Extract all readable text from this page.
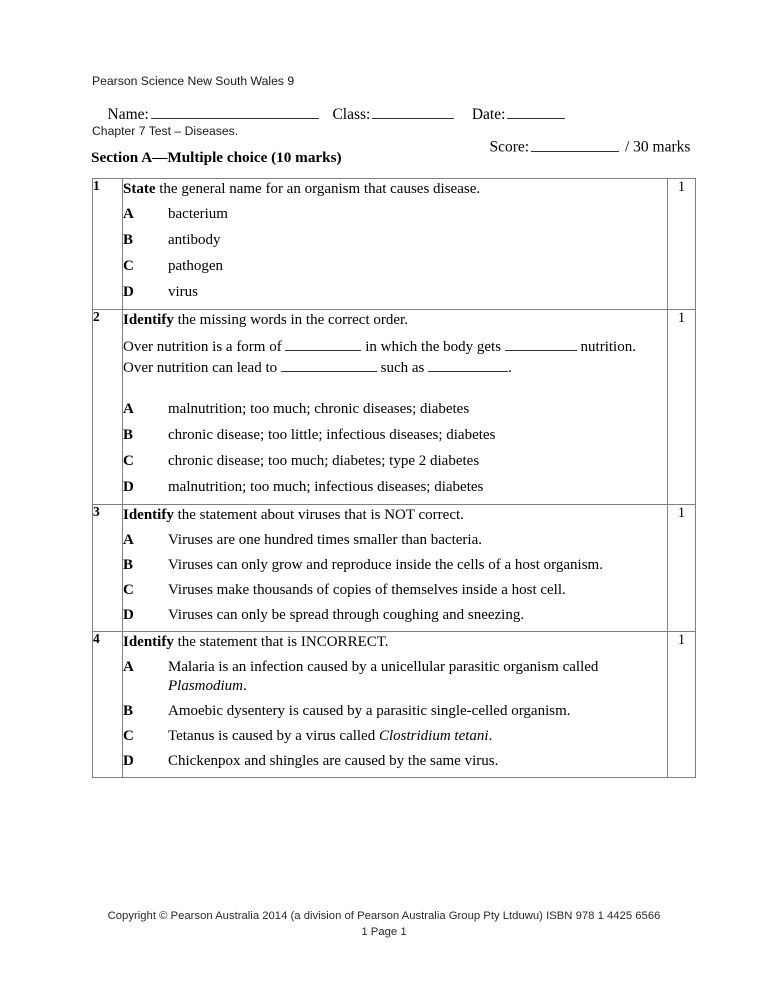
Pearson Science New South Wales 9

Chapter 7 Test – Diseases.

Name:	Class:	Date:

Score:	/ 30 marks

Section A—Multiple choice (10 marks)
1	State the general name for an organism that causes disease.

A bacterium
B antibody
C pathogen
D virus
	1
2	Identify the missing words in the correct order.

Over nutrition is a form of	in which the body gets	nutrition.

Over nutrition can lead to	such as	.

A malnutrition; too much; chronic diseases; diabetes
B chronic disease; too little; infectious diseases; diabetes
C chronic disease; too much; diabetes; type 2 diabetes
D malnutrition; too much; infectious diseases; diabetes
	1
3	Identify the statement about viruses that is NOT correct.

A Viruses are one hundred times smaller than bacteria.
B Viruses can only grow and reproduce inside the cells of a host organism.
C Viruses make thousands of copies of themselves inside a host cell.
D Viruses can only be spread through coughing and sneezing.
	1
4	Identify the statement that is INCORRECT.

A Malaria is an infection caused by a unicellular parasitic organism called Plasmodium.
B Amoebic dysentery is caused by a parasitic single-celled organism.
C Tetanus is caused by a virus called Clostridium tetani.
D Chickenpox and shingles are caused by the same virus.
	1
Copyright © Pearson Australia 2014 (a division of Pearson Australia Group Pty Ltduwu) ISBN 978 1 4425 6566
1 Page 1
